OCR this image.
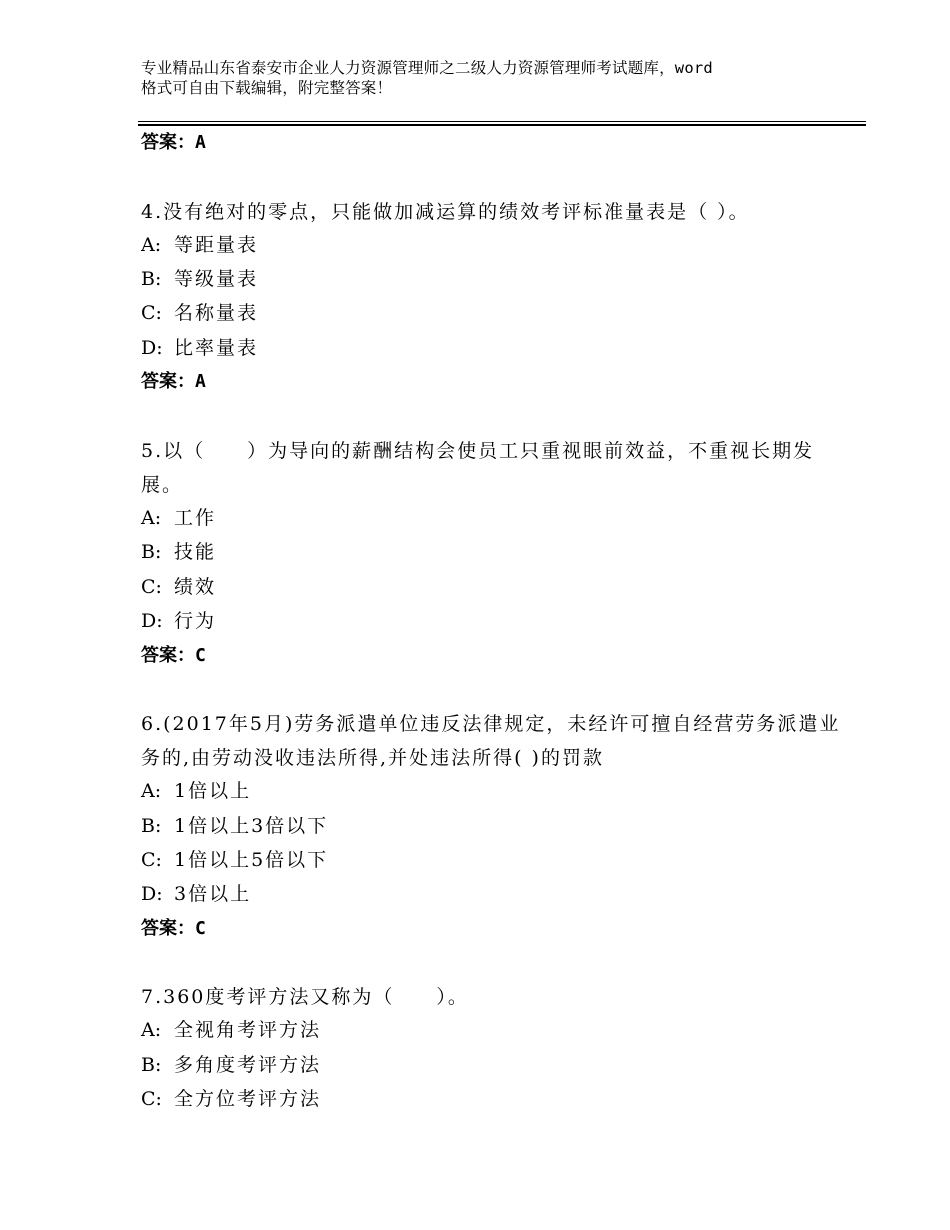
专业精品山东省泰安市企业人力资源管理师之二级人力资源管理师考试题库，word
格式可自由下载编辑，附完整答案！
答案：A
4.没有绝对的零点，只能做加减运算的绩效考评标准量表是（ ）。
A: 等距量表
B: 等级量表
C: 名称量表
D: 比率量表
答案：A
5.以（　　）为导向的薪酬结构会使员工只重视眼前效益，不重视长期发展。
A: 工作
B: 技能
C: 绩效
D: 行为
答案：C
6.(2017年5月)劳务派遣单位违反法律规定，未经许可擅自经营劳务派遣业务的,由劳动没收违法所得,并处违法所得( )的罚款
A: 1倍以上
B: 1倍以上3倍以下
C: 1倍以上5倍以下
D: 3倍以上
答案：C
7.360度考评方法又称为（　　）。
A: 全视角考评方法
B: 多角度考评方法
C: 全方位考评方法
